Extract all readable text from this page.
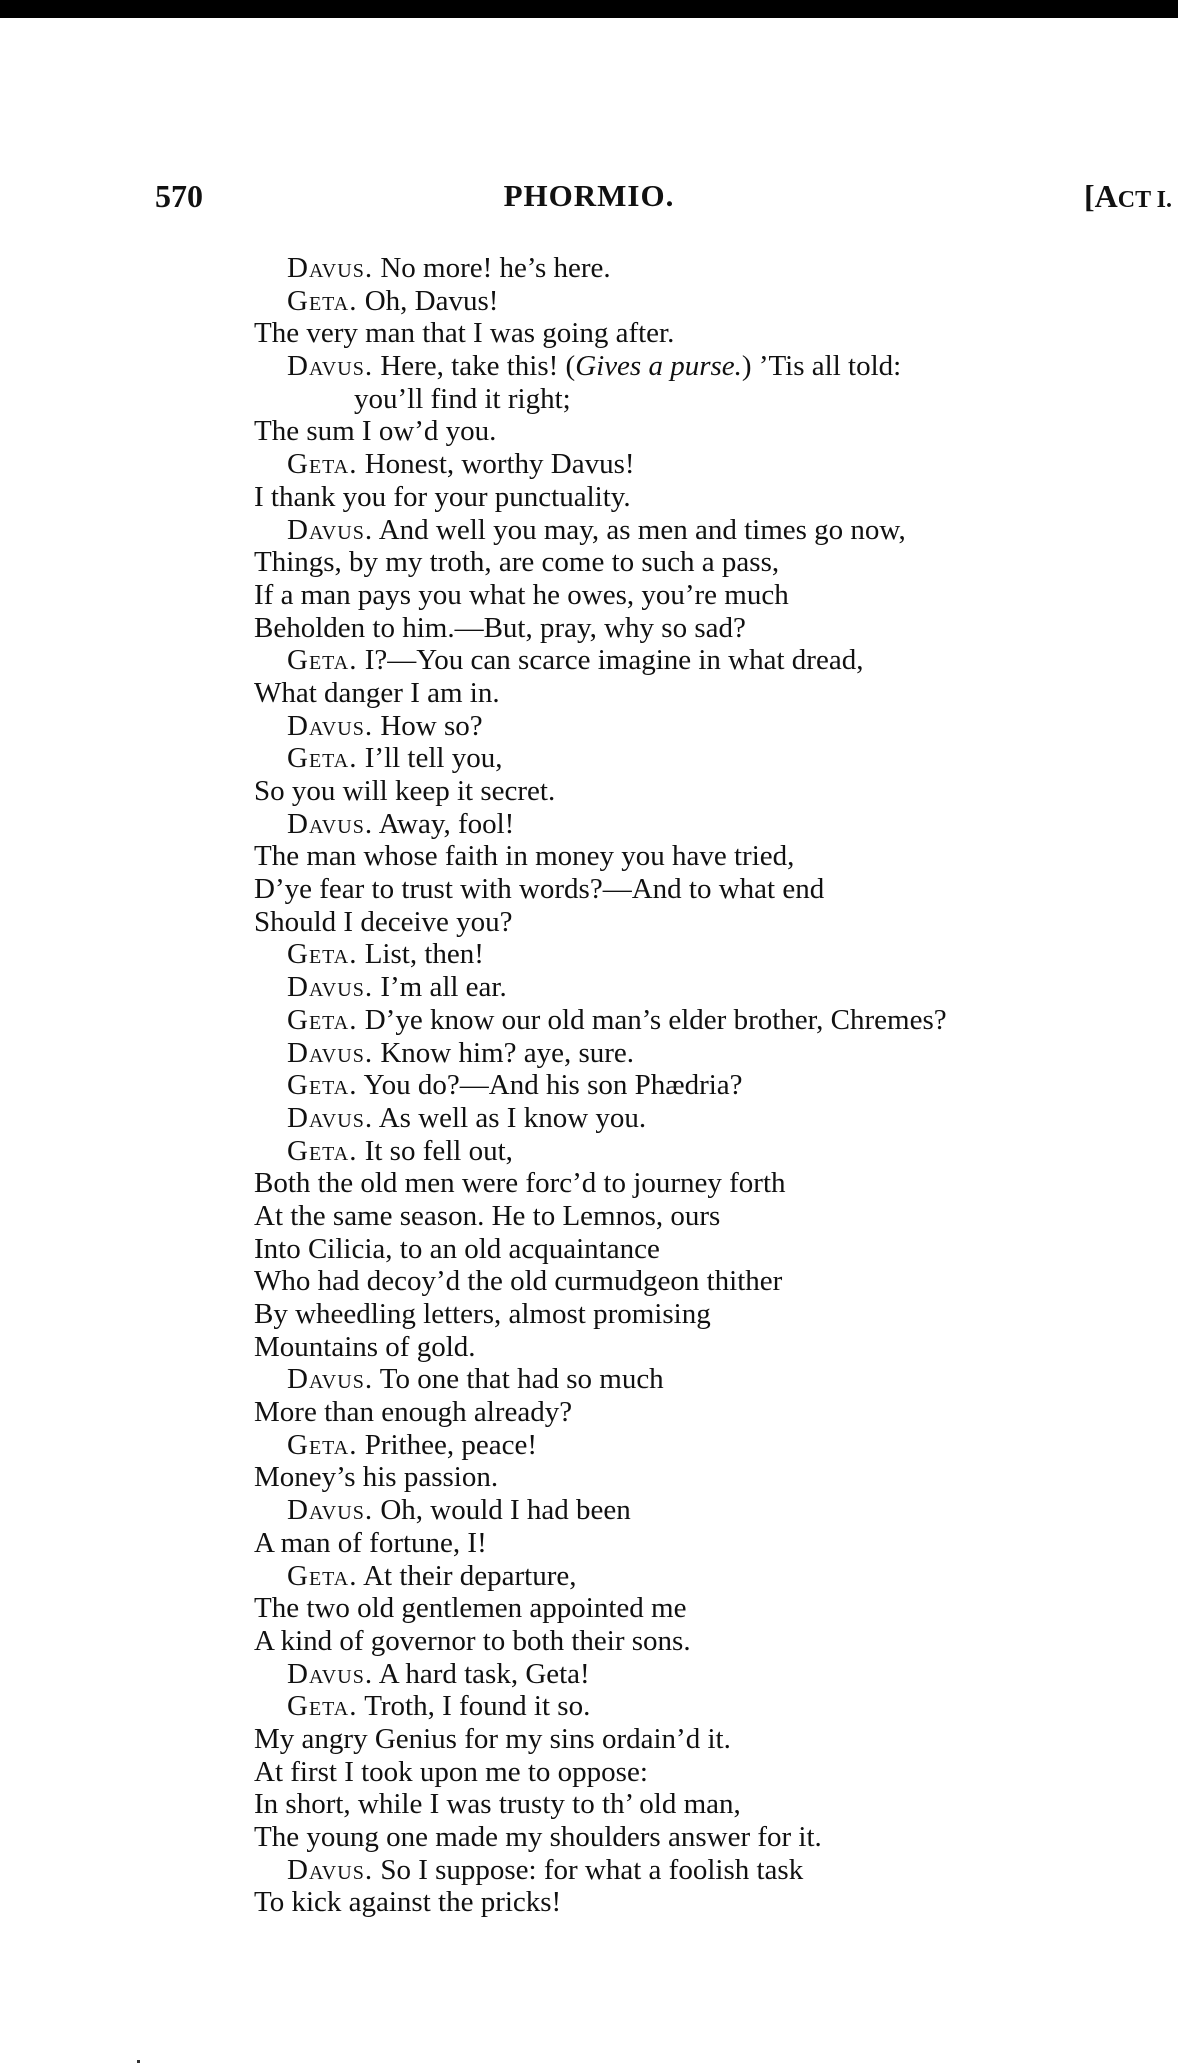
570	PHORMIO.	[ACT I.
Davus. No more! he’s here.
Geta. Oh, Davus!
The very man that I was going after.
Davus. Here, take this! (Gives a purse.) ’Tis all told:
you’ll find it right;
The sum I ow’d you.
Geta. Honest, worthy Davus!
I thank you for your punctuality.
Davus. And well you may, as men and times go now,
Things, by my troth, are come to such a pass,
If a man pays you what he owes, you’re much
Beholden to him.—But, pray, why so sad?
Geta. I?—You can scarce imagine in what dread,
What danger I am in.
Davus. How so?
Geta. I’ll tell you,
So you will keep it secret.
Davus. Away, fool!
The man whose faith in money you have tried,
D’ye fear to trust with words?—And to what end
Should I deceive you?
Geta. List, then!
Davus. I’m all ear.
Geta. D’ye know our old man’s elder brother, Chremes?
Davus. Know him? aye, sure.
Geta. You do?—And his son Phædria?
Davus. As well as I know you.
Geta. It so fell out,
Both the old men were forc’d to journey forth
At the same season. He to Lemnos, ours
Into Cilicia, to an old acquaintance
Who had decoy’d the old curmudgeon thither
By wheedling letters, almost promising
Mountains of gold.
Davus. To one that had so much
More than enough already?
Geta. Prithee, peace!
Money’s his passion.
Davus. Oh, would I had been
A man of fortune, I!
Geta. At their departure,
The two old gentlemen appointed me
A kind of governor to both their sons.
Davus. A hard task, Geta!
Geta. Troth, I found it so.
My angry Genius for my sins ordain’d it.
At first I took upon me to oppose:
In short, while I was trusty to th’ old man,
The young one made my shoulders answer for it.
Davus. So I suppose: for what a foolish task
To kick against the pricks!
